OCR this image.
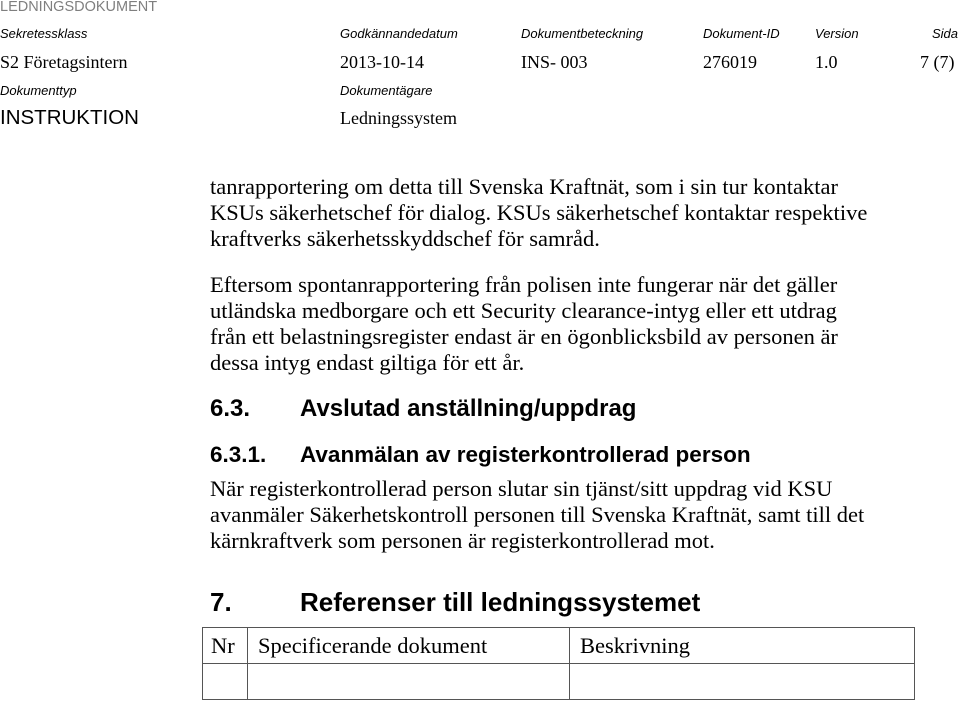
LEDNINGSDOKUMENT
Sekretessklass	Godkännandedatum	Dokumentbeteckning	Dokument-ID	Version	Sida
S2 Företagsintern	2013-10-14	INS- 003	276019	1.0	7 (7)
Dokumenttyp	Dokumentägare
INSTRUKTION	Ledningssystem
tanrapportering om detta till Svenska Kraftnät, som i sin tur kontaktar
KSUs säkerhetschef för dialog. KSUs säkerhetschef kontaktar respektive
kraftverks säkerhetsskyddschef för samråd.
Eftersom spontanrapportering från polisen inte fungerar när det gäller
utländska medborgare och ett Security clearance-intyg eller ett utdrag
från ett belastningsregister endast är en ögonblicksbild av personen är
dessa intyg endast giltiga för ett år.
6.3. Avslutad anställning/uppdrag
6.3.1. Avanmälan av registerkontrollerad person
När registerkontrollerad person slutar sin tjänst/sitt uppdrag vid KSU
avanmäler Säkerhetskontroll personen till Svenska Kraftnät, samt till det
kärnkraftverk som personen är registerkontrollerad mot.
7.	Referenser till ledningssystemet
Nr	Specificerande dokument	Beskrivning
